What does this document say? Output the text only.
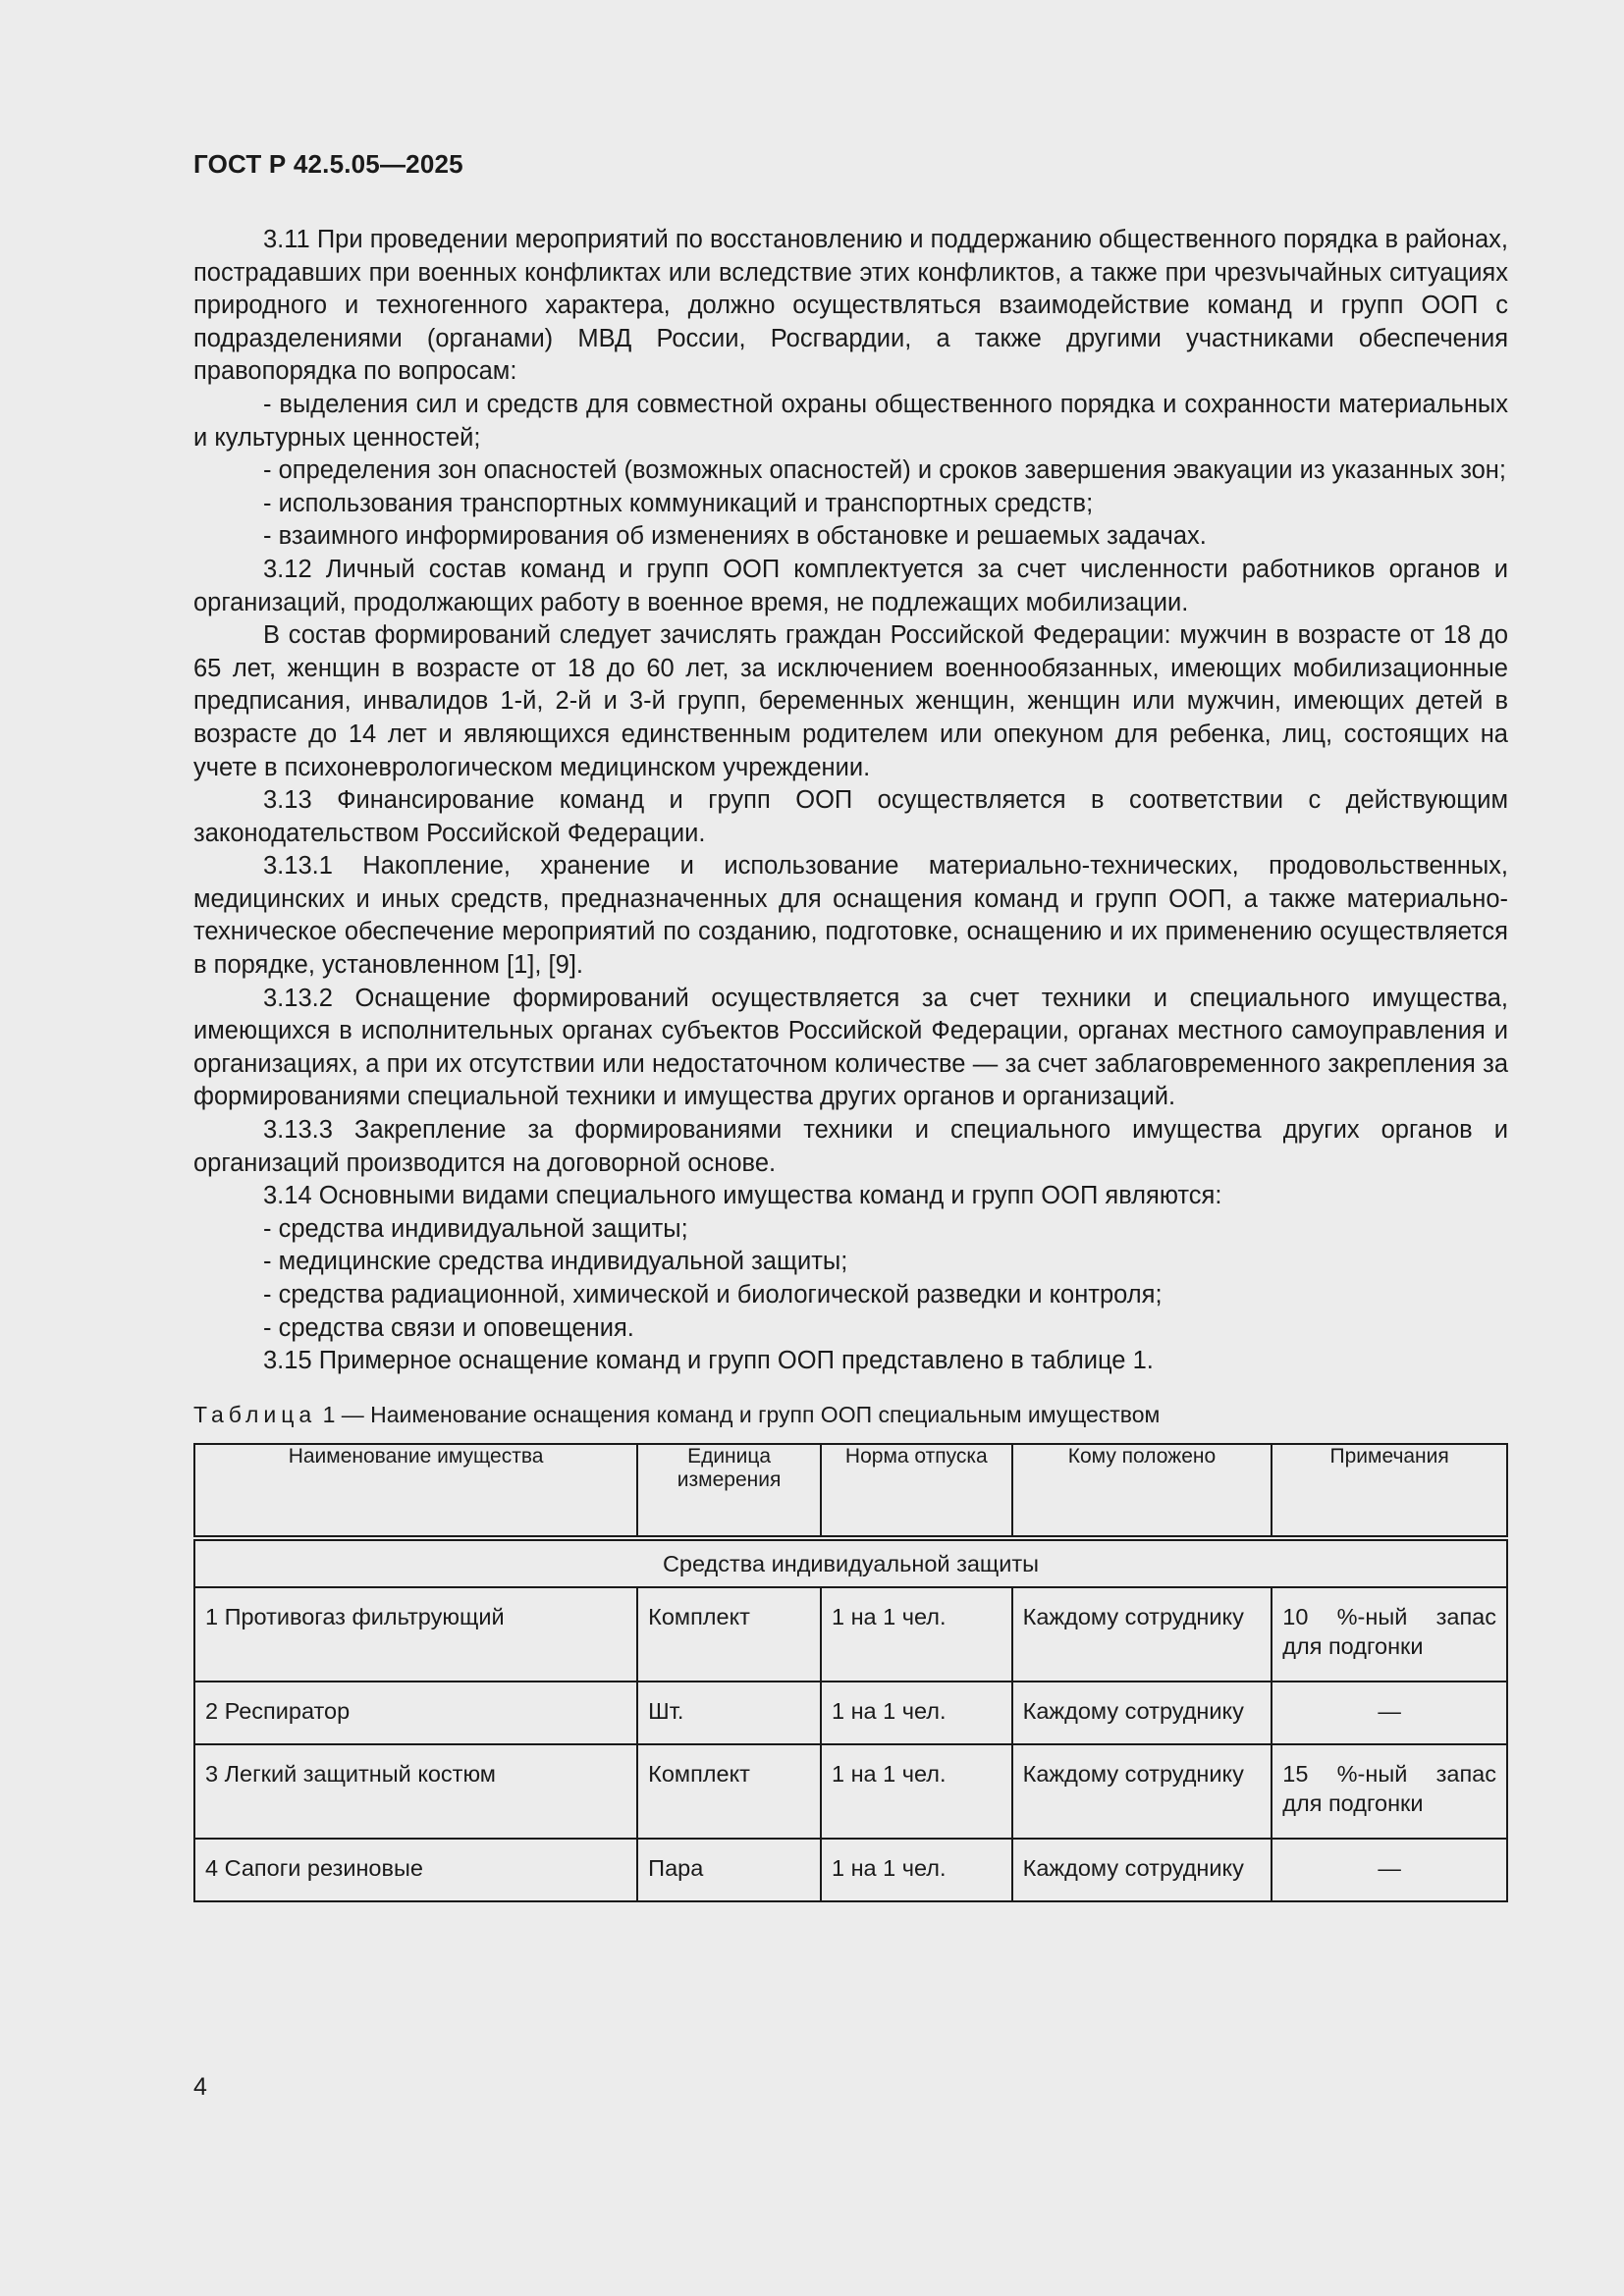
ГОСТ Р 42.5.05—2025

3.11 При проведении мероприятий по восстановлению и поддержанию общественного порядка в районах, пострадавших при военных конфликтах или вследствие этих конфликтов, а также при чрезvычайных ситуациях природного и техногенного характера, должно осуществляться взаимодействие команд и групп ООП с подразделениями (органами) МВД России, Росгвардии, а также другими участниками обеспечения правопорядка по вопросам:

- выделения сил и средств для совместной охраны общественного порядка и сохранности материальных и культурных ценностей;

- определения зон опасностей (возможных опасностей) и сроков завершения эвакуации из указанных зон;

- использования транспортных коммуникаций и транспортных средств;

- взаимного информирования об изменениях в обстановке и решаемых задачах.

3.12 Личный состав команд и групп ООП комплектуется за счет численности работников органов и организаций, продолжающих работу в военное время, не подлежащих мобилизации.

В состав формирований следует зачислять граждан Российской Федерации: мужчин в возрасте от 18 до 65 лет, женщин в возрасте от 18 до 60 лет, за исключением военнообязанных, имеющих мобилизационные предписания, инвалидов 1-й, 2-й и 3-й групп, беременных женщин, женщин или мужчин, имеющих детей в возрасте до 14 лет и являющихся единственным родителем или опекуном для ребенка, лиц, состоящих на учете в психоневрологическом медицинском учреждении.

3.13 Финансирование команд и групп ООП осуществляется в соответствии с действующим законодательством Российской Федерации.

3.13.1 Накопление, хранение и использование материально-технических, продовольственных, медицинских и иных средств, предназначенных для оснащения команд и групп ООП, а также материально-техническое обеспечение мероприятий по созданию, подготовке, оснащению и их применению осуществляется в порядке, установленном [1], [9].

3.13.2 Оснащение формирований осуществляется за счет техники и специального имущества, имеющихся в исполнительных органах субъектов Российской Федерации, органах местного самоуправления и организациях, а при их отсутствии или недостаточном количестве — за счет заблаговременного закрепления за формированиями специальной техники и имущества других органов и организаций.

3.13.3 Закрепление за формированиями техники и специального имущества других органов и организаций производится на договорной основе.

3.14 Основными видами специального имущества команд и групп ООП являются:

- средства индивидуальной защиты;

- медицинские средства индивидуальной защиты;

- средства радиационной, химической и биологической разведки и контроля;

- средства связи и оповещения.

3.15 Примерное оснащение команд и групп ООП представлено в таблице 1.

Таблица 1 — Наименование оснащения команд и групп ООП специальным имуществом
Наименование имущества	Единица измерения	Норма отпуска	Кому положено	Примечания
Средства индивидуальной защиты				
1 Противогаз фильтрующий	Комплект	1 на 1 чел.	Каждому сотруднику	10 %-ный запас для подгонки
2 Респиратор	Шт.	1 на 1 чел.	Каждому сотруднику	—
3 Легкий защитный костюм	Комплект	1 на 1 чел.	Каждому сотруднику	15 %-ный запас для подгонки
4 Сапоги резиновые	Пара	1 на 1 чел.	Каждому сотруднику	—
4
